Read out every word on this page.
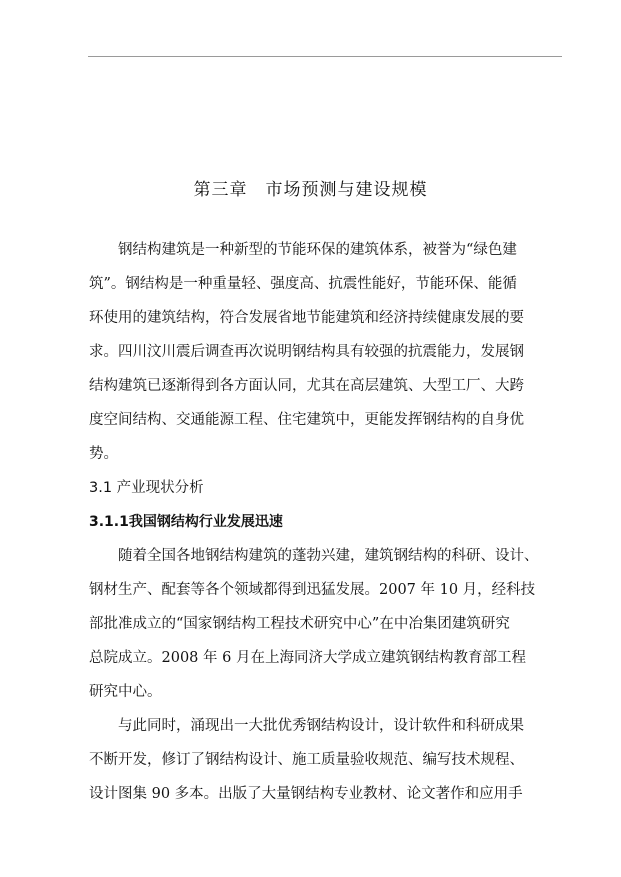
第三章　市场预测与建设规模
钢结构建筑是一种新型的节能环保的建筑体系，被誉为“绿色建
筑”。钢结构是一种重量轻、强度高、抗震性能好，节能环保、能循
环使用的建筑结构，符合发展省地节能建筑和经济持续健康发展的要
求。四川汶川震后调查再次说明钢结构具有较强的抗震能力，发展钢
结构建筑已逐渐得到各方面认同，尤其在高层建筑、大型工厂、大跨
度空间结构、交通能源工程、住宅建筑中，更能发挥钢结构的自身优
势。
3.1 产业现状分析
3.1.1我国钢结构行业发展迅速
随着全国各地钢结构建筑的蓬勃兴建，建筑钢结构的科研、设计、
钢材生产、配套等各个领域都得到迅猛发展。2007 年 10 月，经科技
部批准成立的“国家钢结构工程技术研究中心”在中冶集团建筑研究
总院成立。2008 年 6 月在上海同济大学成立建筑钢结构教育部工程
研究中心。
与此同时，涌现出一大批优秀钢结构设计，设计软件和科研成果
不断开发，修订了钢结构设计、施工质量验收规范、编写技术规程、
设计图集 90 多本。出版了大量钢结构专业教材、论文著作和应用手
